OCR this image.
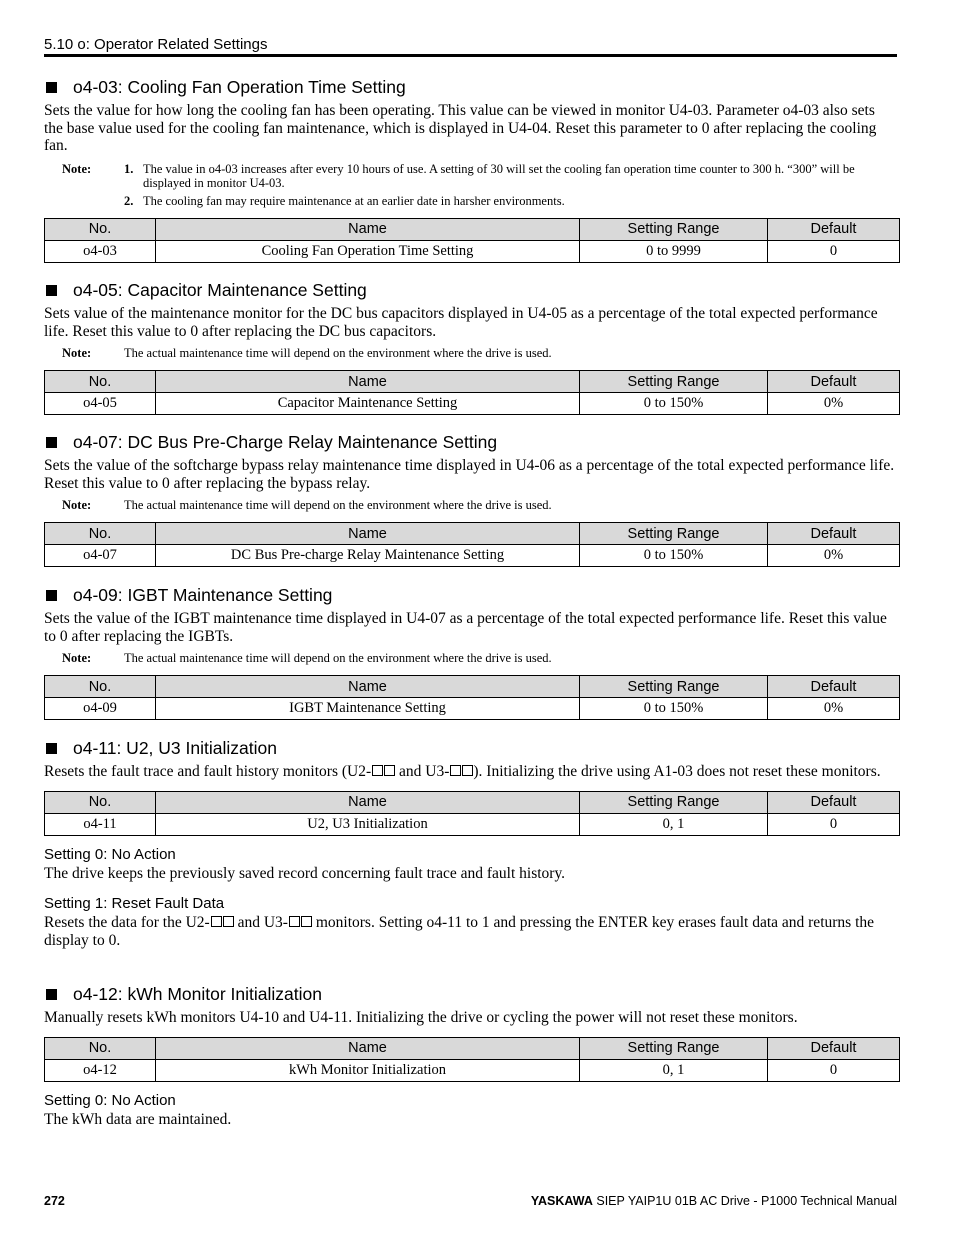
5.10 o: Operator Related Settings
o4-03: Cooling Fan Operation Time Setting
Sets the value for how long the cooling fan has been operating. This value can be viewed in monitor U4-03. Parameter o4-03 also sets the base value used for the cooling fan maintenance, which is displayed in U4-04. Reset this parameter to 0 after replacing the cooling fan.
Note:	1. The value in o4-03 increases after every 10 hours of use. A setting of 30 will set the cooling fan operation time counter to 300 h. “300” will be displayed in monitor U4-03.
2. The cooling fan may require maintenance at an earlier date in harsher environments.
No.	Name	Setting Range	Default
o4-03	Cooling Fan Operation Time Setting	0 to 9999	0
o4-05: Capacitor Maintenance Setting
Sets value of the maintenance monitor for the DC bus capacitors displayed in U4-05 as a percentage of the total expected performance life. Reset this value to 0 after replacing the DC bus capacitors.
Note:	The actual maintenance time will depend on the environment where the drive is used.
No.	Name	Setting Range	Default
o4-05	Capacitor Maintenance Setting	0 to 150%	0%
o4-07: DC Bus Pre-Charge Relay Maintenance Setting
Sets the value of the softcharge bypass relay maintenance time displayed in U4-06 as a percentage of the total expected performance life. Reset this value to 0 after replacing the bypass relay.
Note:	The actual maintenance time will depend on the environment where the drive is used.
No.	Name	Setting Range	Default
o4-07	DC Bus Pre-charge Relay Maintenance Setting	0 to 150%	0%
o4-09: IGBT Maintenance Setting
Sets the value of the IGBT maintenance time displayed in U4-07 as a percentage of the total expected performance life. Reset this value to 0 after replacing the IGBTs.
Note:	The actual maintenance time will depend on the environment where the drive is used.
No.	Name	Setting Range	Default
o4-09	IGBT Maintenance Setting	0 to 150%	0%
o4-11: U2, U3 Initialization
Resets the fault trace and fault history monitors (U2- and U3- ). Initializing the drive using A1-03 does not reset these monitors.
No.	Name	Setting Range	Default
o4-11	U2, U3 Initialization	0, 1	0
Setting 0: No Action
The drive keeps the previously saved record concerning fault trace and fault history.
Setting 1: Reset Fault Data
Resets the data for the U2- and U3- monitors. Setting o4-11 to 1 and pressing the ENTER key erases fault data and returns the display to 0.
o4-12: kWh Monitor Initialization
Manually resets kWh monitors U4-10 and U4-11. Initializing the drive or cycling the power will not reset these monitors.
No.	Name	Setting Range	Default
o4-12	kWh Monitor Initialization	0, 1	0
Setting 0: No Action
The kWh data are maintained.
272	YASKAWA SIEP YAIP1U 01B AC Drive - P1000 Technical Manual
